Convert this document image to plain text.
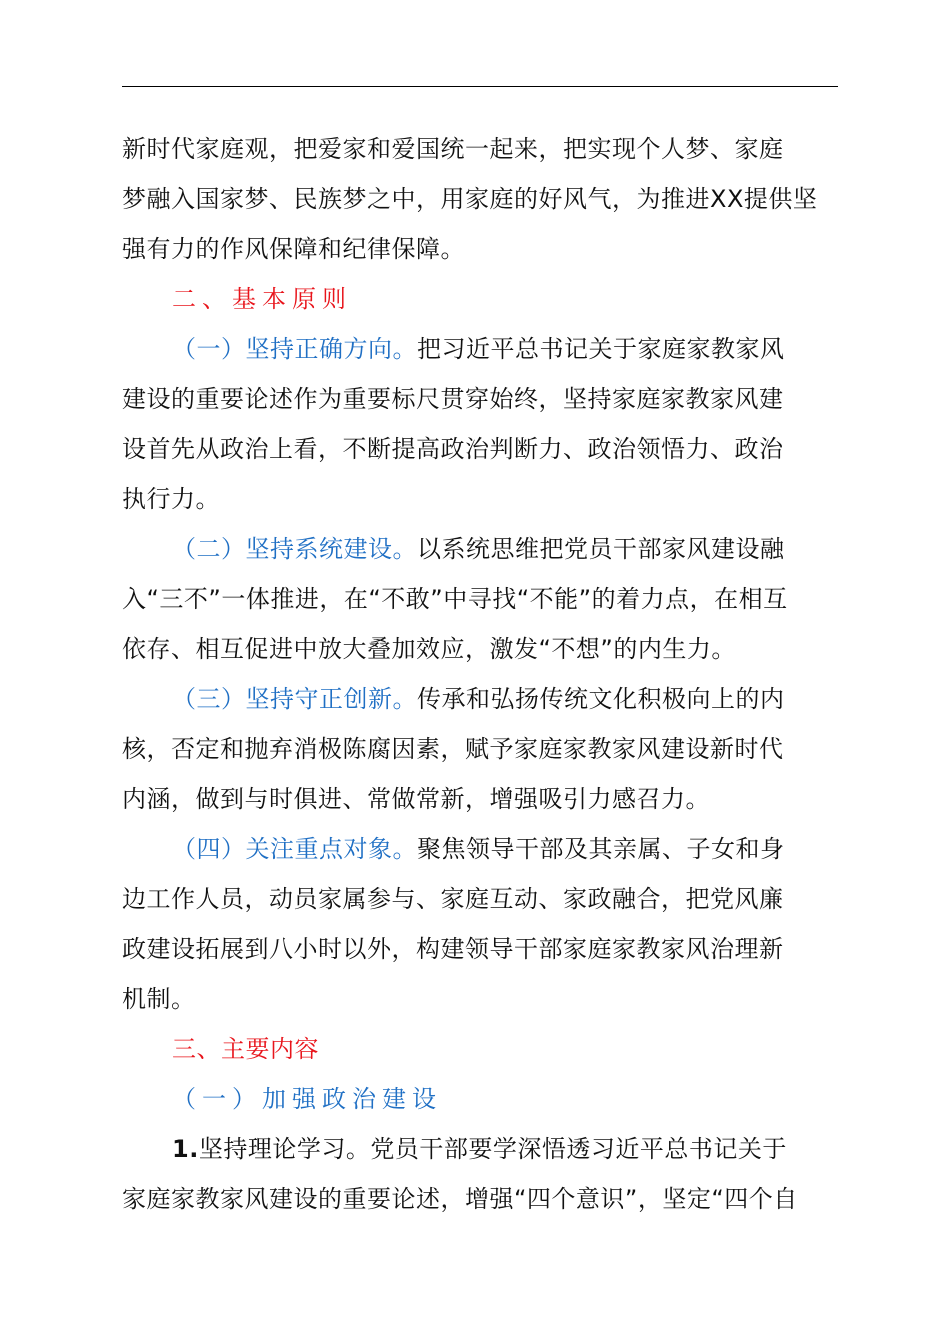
新时代家庭观，把爱家和爱国统一起来，把实现个人梦、家庭
梦融入国家梦、民族梦之中，用家庭的好风气，为推进XX提供坚
强有力的作风保障和纪律保障。
二、基本原则
（一）坚持正确方向。把习近平总书记关于家庭家教家风
建设的重要论述作为重要标尺贯穿始终，坚持家庭家教家风建
设首先从政治上看，不断提高政治判断力、政治领悟力、政治
执行力。
（二）坚持系统建设。以系统思维把党员干部家风建设融
入“三不”一体推进，在“不敢”中寻找“不能”的着力点，在相互
依存、相互促进中放大叠加效应，激发“不想”的内生力。
（三）坚持守正创新。传承和弘扬传统文化积极向上的内
核，否定和抛弃消极陈腐因素，赋予家庭家教家风建设新时代
内涵，做到与时俱进、常做常新，增强吸引力感召力。
（四）关注重点对象。聚焦领导干部及其亲属、子女和身
边工作人员，动员家属参与、家庭互动、家政融合，把党风廉
政建设拓展到八小时以外，构建领导干部家庭家教家风治理新
机制。
三、主要内容
（一）加强政治建设
1.坚持理论学习。党员干部要学深悟透习近平总书记关于
家庭家教家风建设的重要论述，增强“四个意识”，坚定“四个自
